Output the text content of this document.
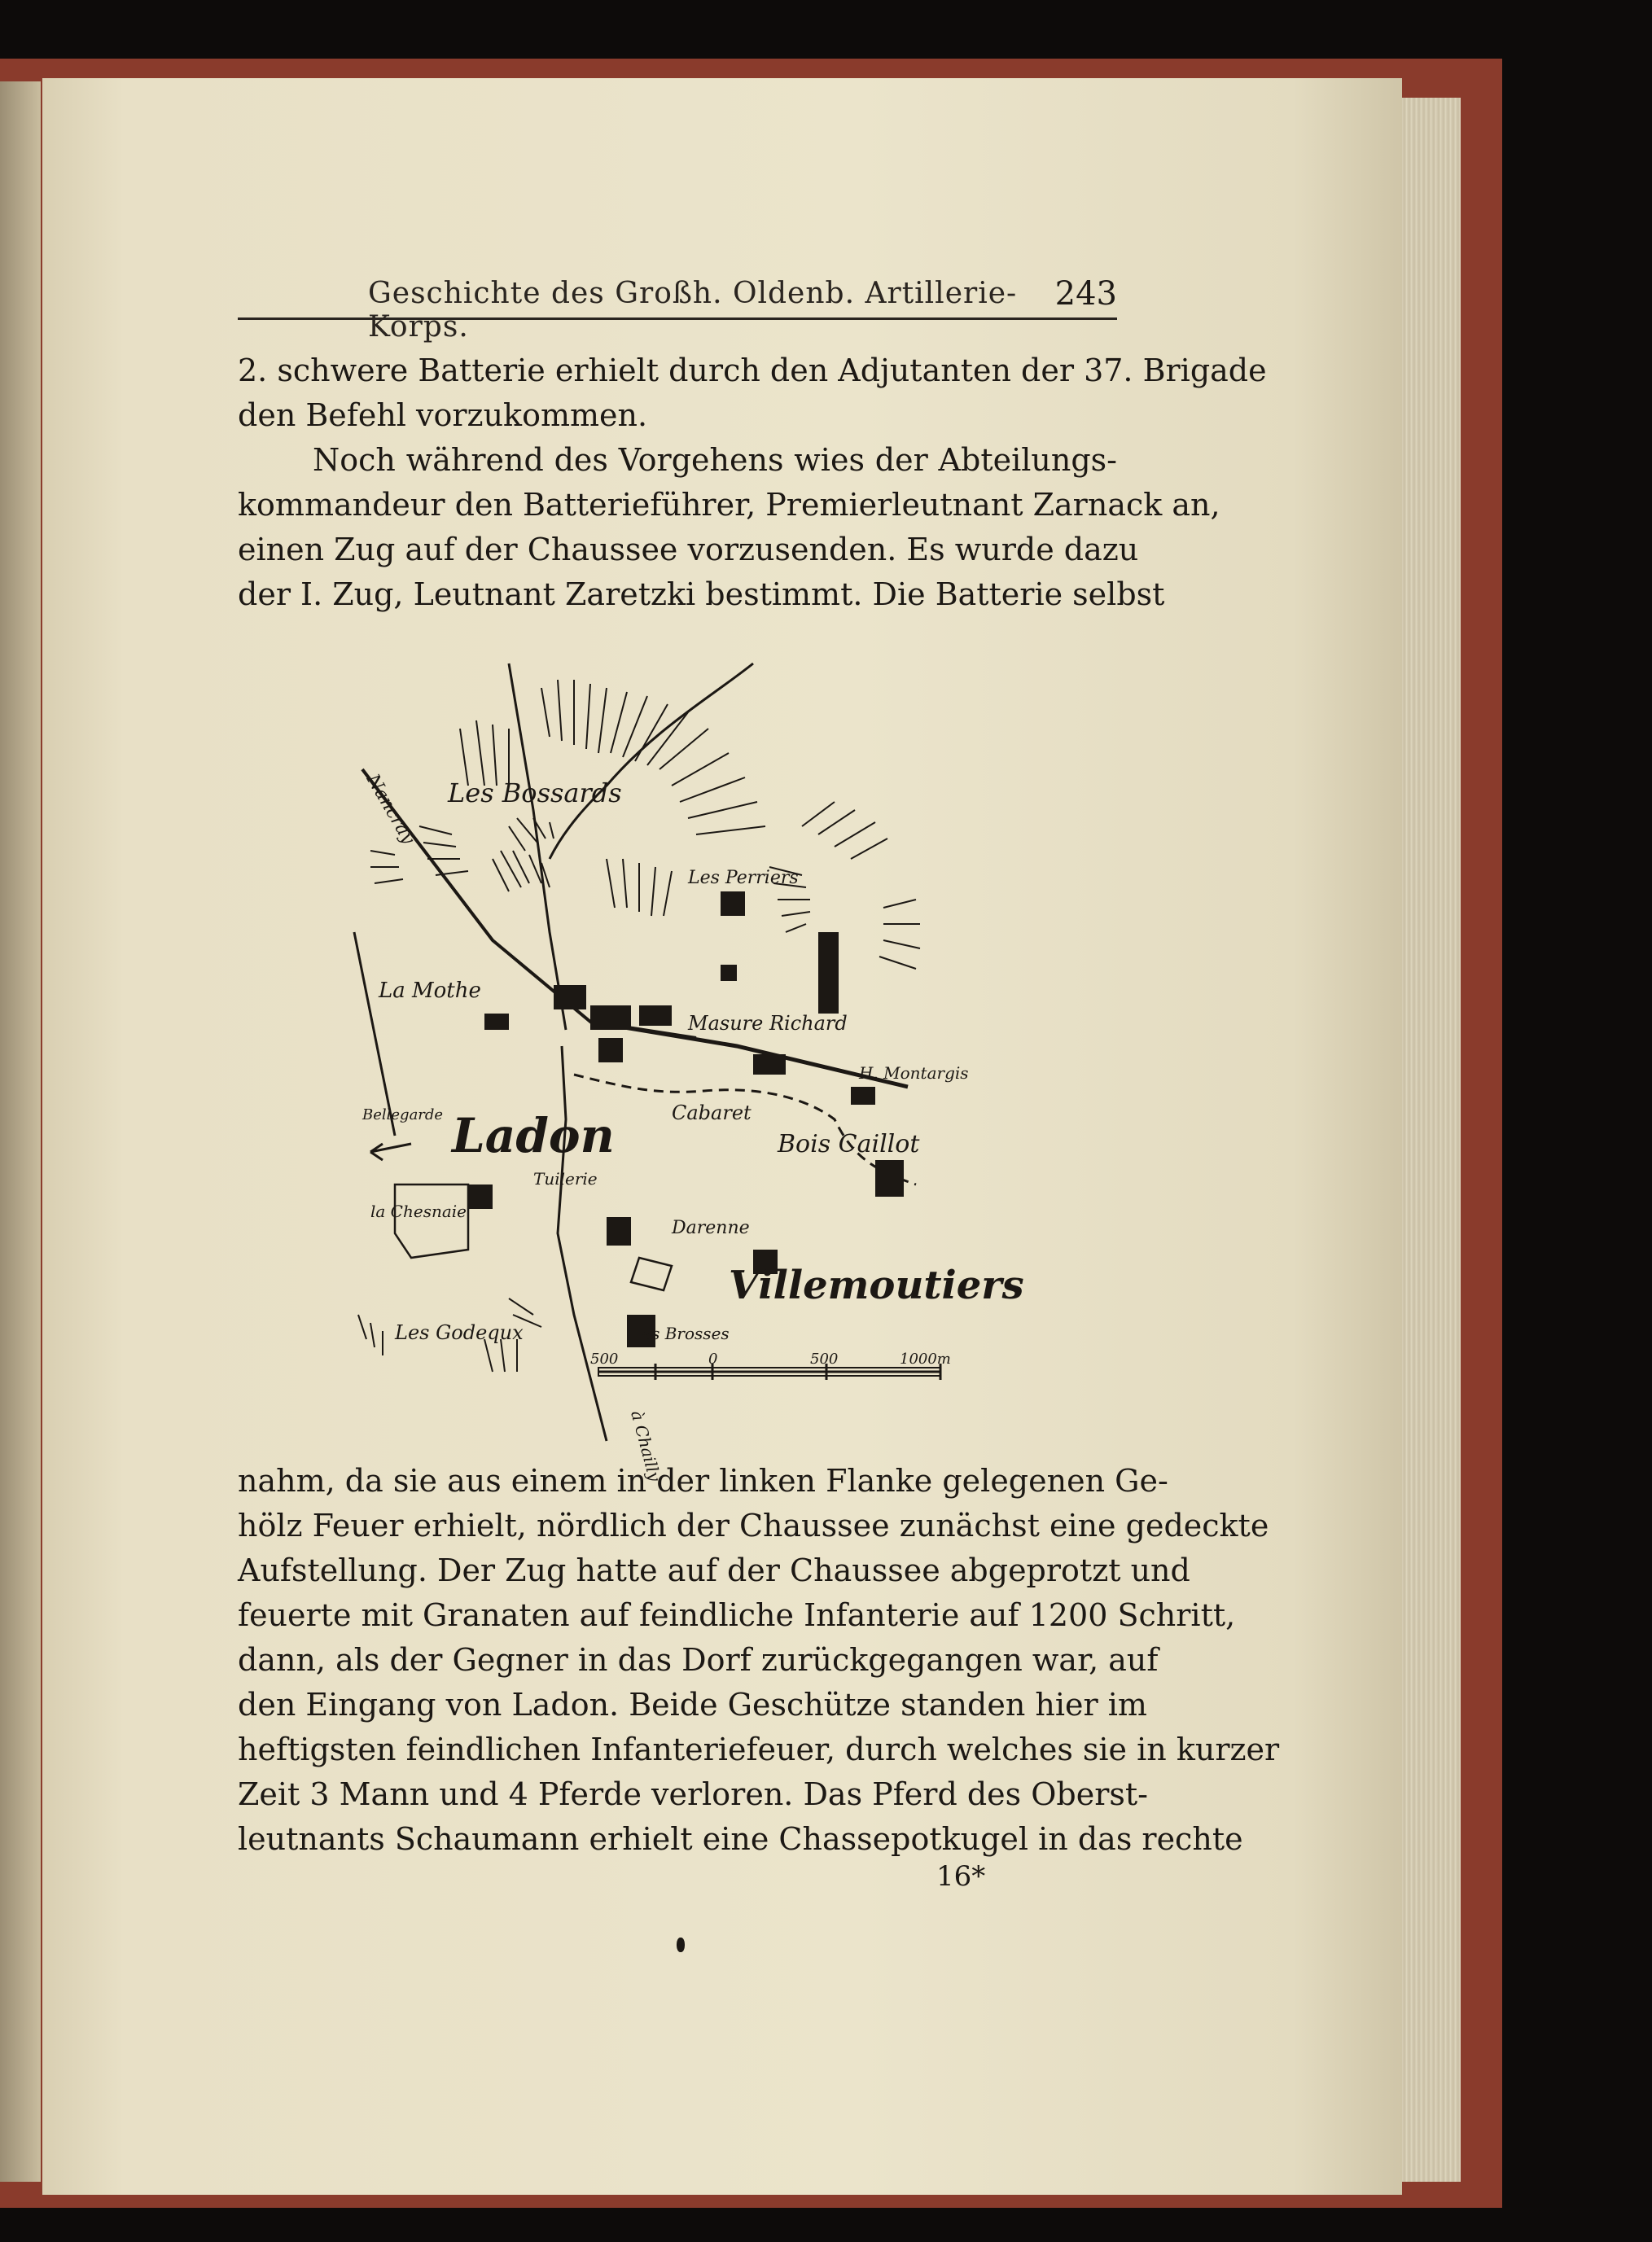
Geschichte des Großh. Oldenb. Artillerie-Korps.
243
2. schwere Batterie erhielt durch den Adjutanten der 37. Brigade
den Befehl vorzukommen.
Noch während des Vorgehens wies der Abteilungs-
kommandeur den Batterieführer, Premierleutnant Zarnack an,
einen Zug auf der Chaussee vorzusenden. Es wurde dazu
der I. Zug, Leutnant Zaretzki bestimmt. Die Batterie selbst
Les Bossards
La Mothe
Les Perriers
Masure Richard
H. Montargis
Ladon	Cabaret
Bois Caillot
Tuilerie
la Chesnaie
Darenne
Villemoutiers
Les Godequx	Les Brosses
Nancray
Bellegarde
à Chailly
500	0	500	1000m
nahm, da sie aus einem in der linken Flanke gelegenen Ge-
hölz Feuer erhielt, nördlich der Chaussee zunächst eine gedeckte
Aufstellung. Der Zug hatte auf der Chaussee abgeprotzt und
feuerte mit Granaten auf feindliche Infanterie auf 1200 Schritt,
dann, als der Gegner in das Dorf zurückgegangen war, auf
den Eingang von Ladon. Beide Geschütze standen hier im
heftigsten feindlichen Infanteriefeuer, durch welches sie in kurzer
Zeit 3 Mann und 4 Pferde verloren. Das Pferd des Oberst-
leutnants Schaumann erhielt eine Chassepotkugel in das rechte
16*
